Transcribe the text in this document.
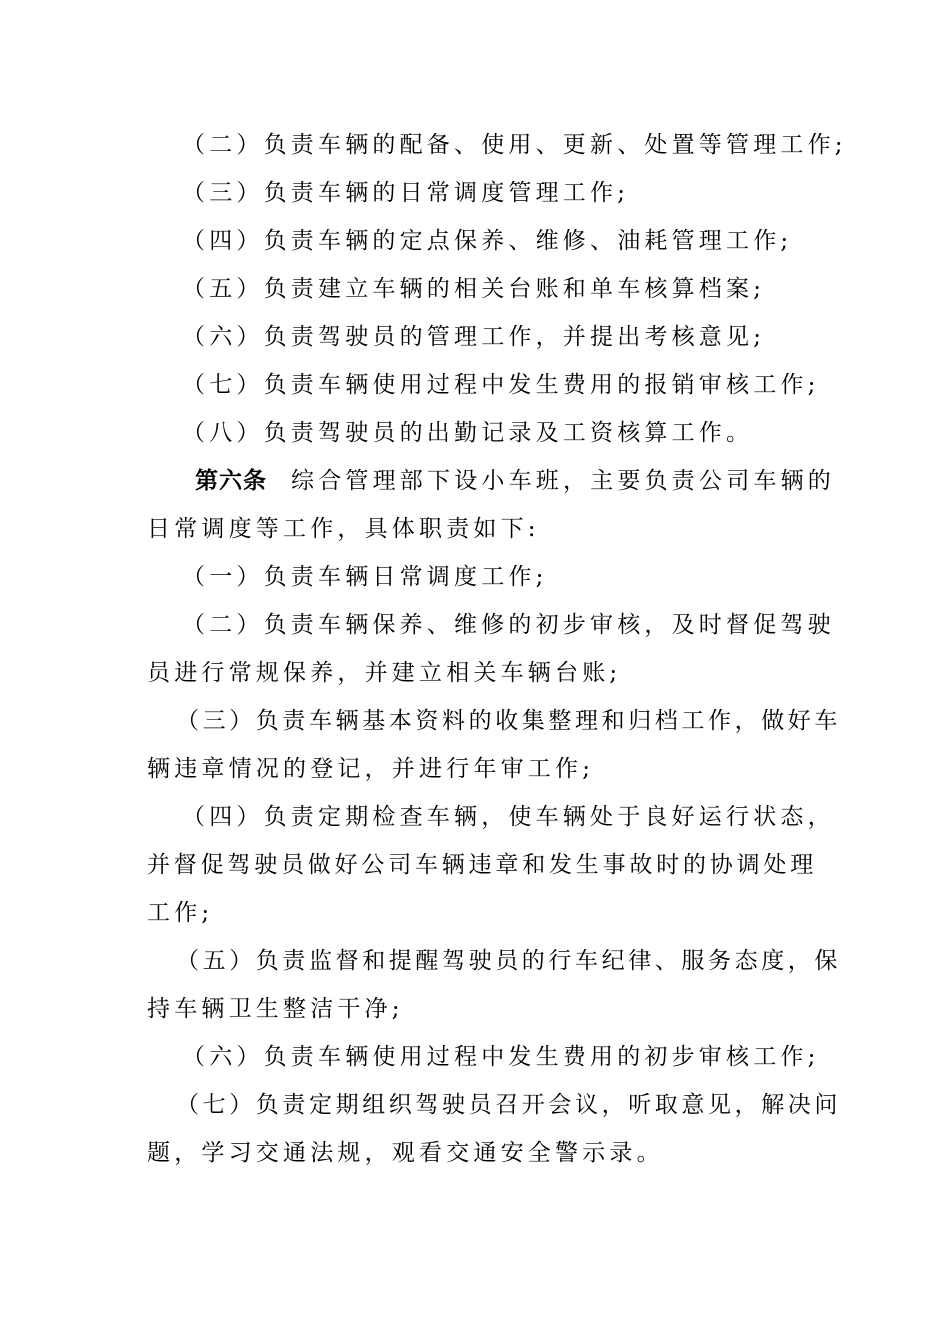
（二）负责车辆的配备、使用、更新、处置等管理工作;
（三）负责车辆的日常调度管理工作;
（四）负责车辆的定点保养、维修、油耗管理工作;
（五）负责建立车辆的相关台账和单车核算档案;
（六）负责驾驶员的管理工作，并提出考核意见;
（七）负责车辆使用过程中发生费用的报销审核工作;
（八）负责驾驶员的出勤记录及工资核算工作。
第六条 综合管理部下设小车班，主要负责公司车辆的
日常调度等工作，具体职责如下:
（一）负责车辆日常调度工作;
（二）负责车辆保养、维修的初步审核，及时督促驾驶
员进行常规保养，并建立相关车辆台账;
（三）负责车辆基本资料的收集整理和归档工作，做好车
辆违章情况的登记，并进行年审工作;
（四）负责定期检查车辆，使车辆处于良好运行状态，
并督促驾驶员做好公司车辆违章和发生事故时的协调处理
工作;
（五）负责监督和提醒驾驶员的行车纪律、服务态度，保
持车辆卫生整洁干净;
（六）负责车辆使用过程中发生费用的初步审核工作;
（七）负责定期组织驾驶员召开会议，听取意见，解决问
题，学习交通法规，观看交通安全警示录。
